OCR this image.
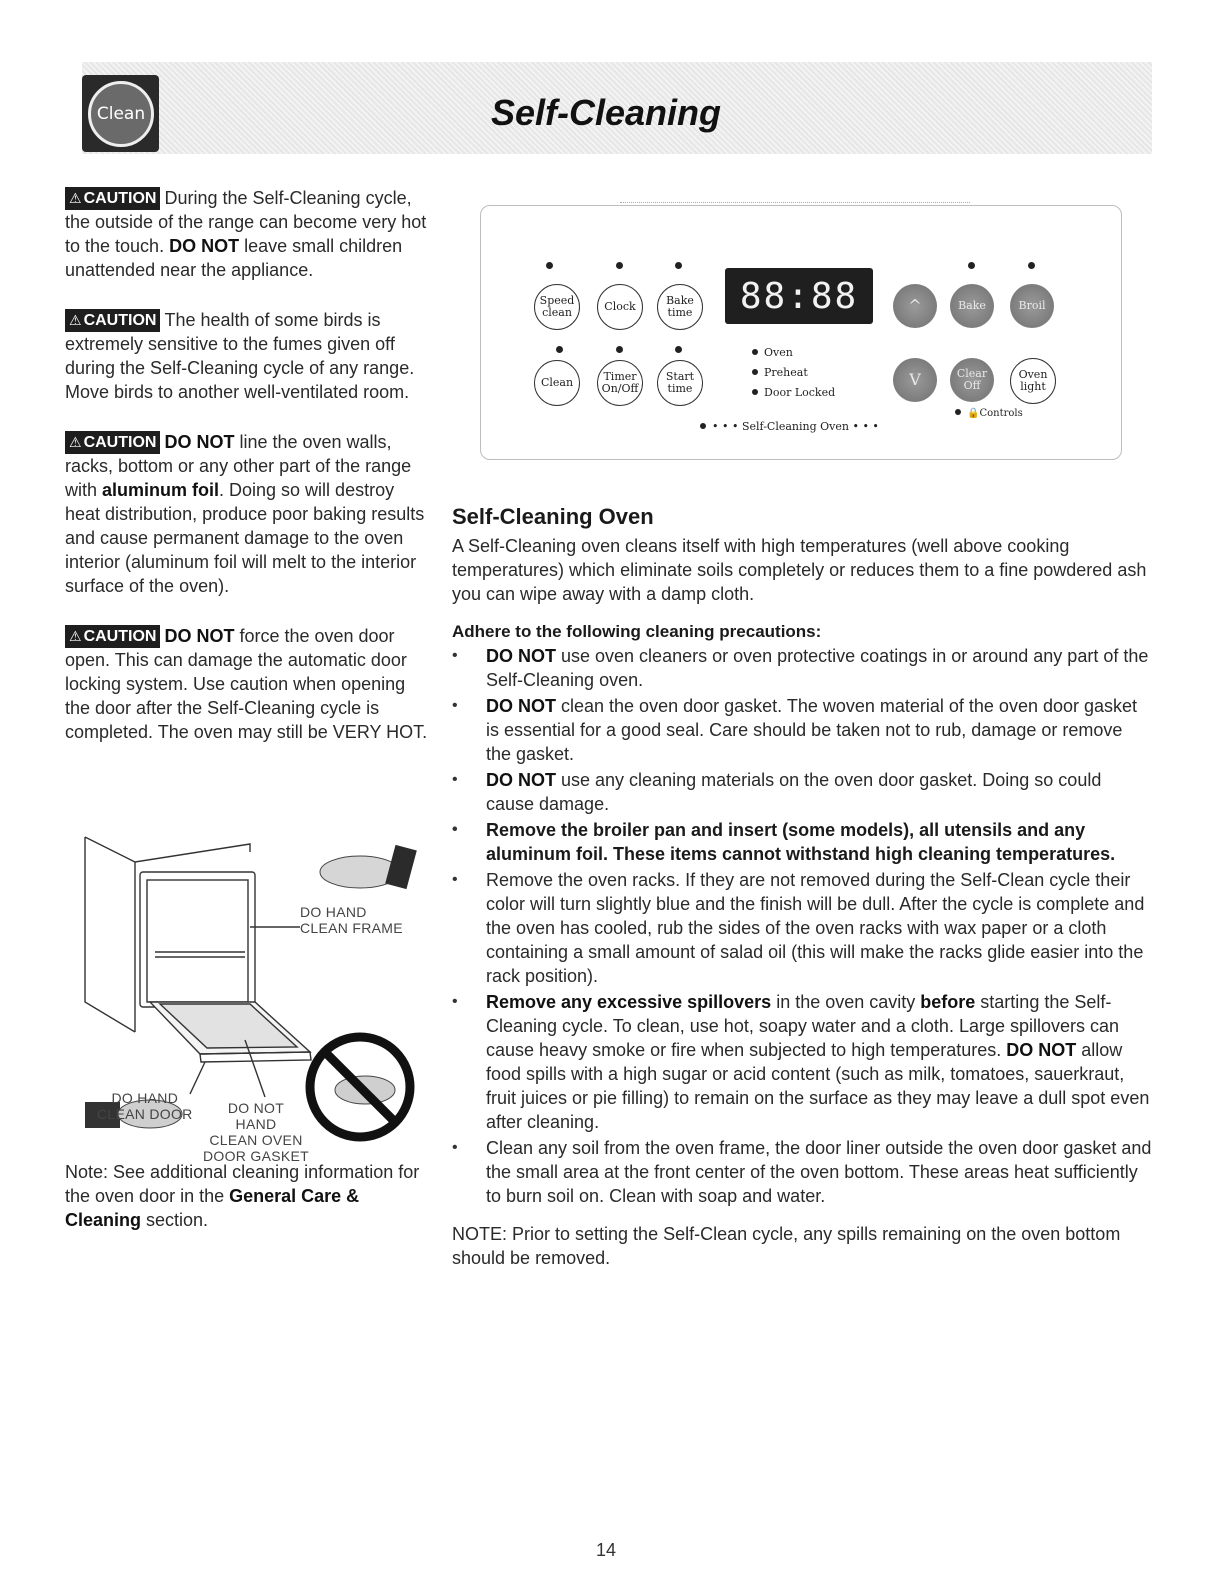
Clean	Self-Cleaning

⚠ CAUTION During the Self-Cleaning cycle, the outside of the range can become very hot to the touch. DO NOT leave small children unattended near the appliance.

⚠ CAUTION The health of some birds is extremely sensitive to the fumes given off during the Self-Cleaning cycle of any range. Move birds to another well-ventilated room.

⚠ CAUTION DO NOT line the oven walls, racks, bottom or any other part of the range with aluminum foil. Doing so will destroy heat distribution, produce poor baking results and cause permanent damage to the oven interior (aluminum foil will melt to the interior surface of the oven).

⚠ CAUTION DO NOT force the oven door open. This can damage the automatic door locking system. Use caution when opening the door after the Self-Cleaning cycle is completed. The oven may still be VERY HOT.

DO HAND
CLEAN FRAME
DO HAND
CLEAN DOOR	DO NOT
HAND
CLEAN OVEN
DOOR GASKET

Note: See additional cleaning information for the oven door in the General Care & Cleaning section.

Speed clean	Clock	Bake time	88:88	^	Bake	Broil
Clean	Timer On/Off
Start time
Oven
Preheat
Door Locked
V	Clear Off
Oven light
🔒Controls
• • • Self-Cleaning Oven • • •
Self-Cleaning Oven

A Self-Cleaning oven cleans itself with high temperatures (well above cooking temperatures) which eliminate soils completely or reduces them to a fine powdered ash you can wipe away with a damp cloth.

Adhere to the following cleaning precautions:
• DO NOT use oven cleaners or oven protective coatings in or around any part of the Self-Cleaning oven.
• DO NOT clean the oven door gasket. The woven material of the oven door gasket is essential for a good seal. Care should be taken not to rub, damage or remove the gasket.
• DO NOT use any cleaning materials on the oven door gasket. Doing so could cause damage.
• Remove the broiler pan and insert (some models), all utensils and any aluminum foil. These items cannot withstand high cleaning temperatures.
• Remove the oven racks. If they are not removed during the Self-Clean cycle their color will turn slightly blue and the finish will be dull. After the cycle is complete and the oven has cooled, rub the sides of the oven racks with wax paper or a cloth containing a small amount of salad oil (this will make the racks glide easier into the rack position).
• Remove any excessive spillovers in the oven cavity before starting the Self-Cleaning cycle. To clean, use hot, soapy water and a cloth. Large spillovers can cause heavy smoke or fire when subjected to high temperatures. DO NOT allow food spills with a high sugar or acid content (such as milk, tomatoes, sauerkraut, fruit juices or pie filling) to remain on the surface as they may leave a dull spot even after cleaning.
• Clean any soil from the oven frame, the door liner outside the oven door gasket and the small area at the front center of the oven bottom. These areas heat sufficiently to burn soil on. Clean with soap and water.

NOTE: Prior to setting the Self-Clean cycle, any spills remaining on the oven bottom should be removed.

14
